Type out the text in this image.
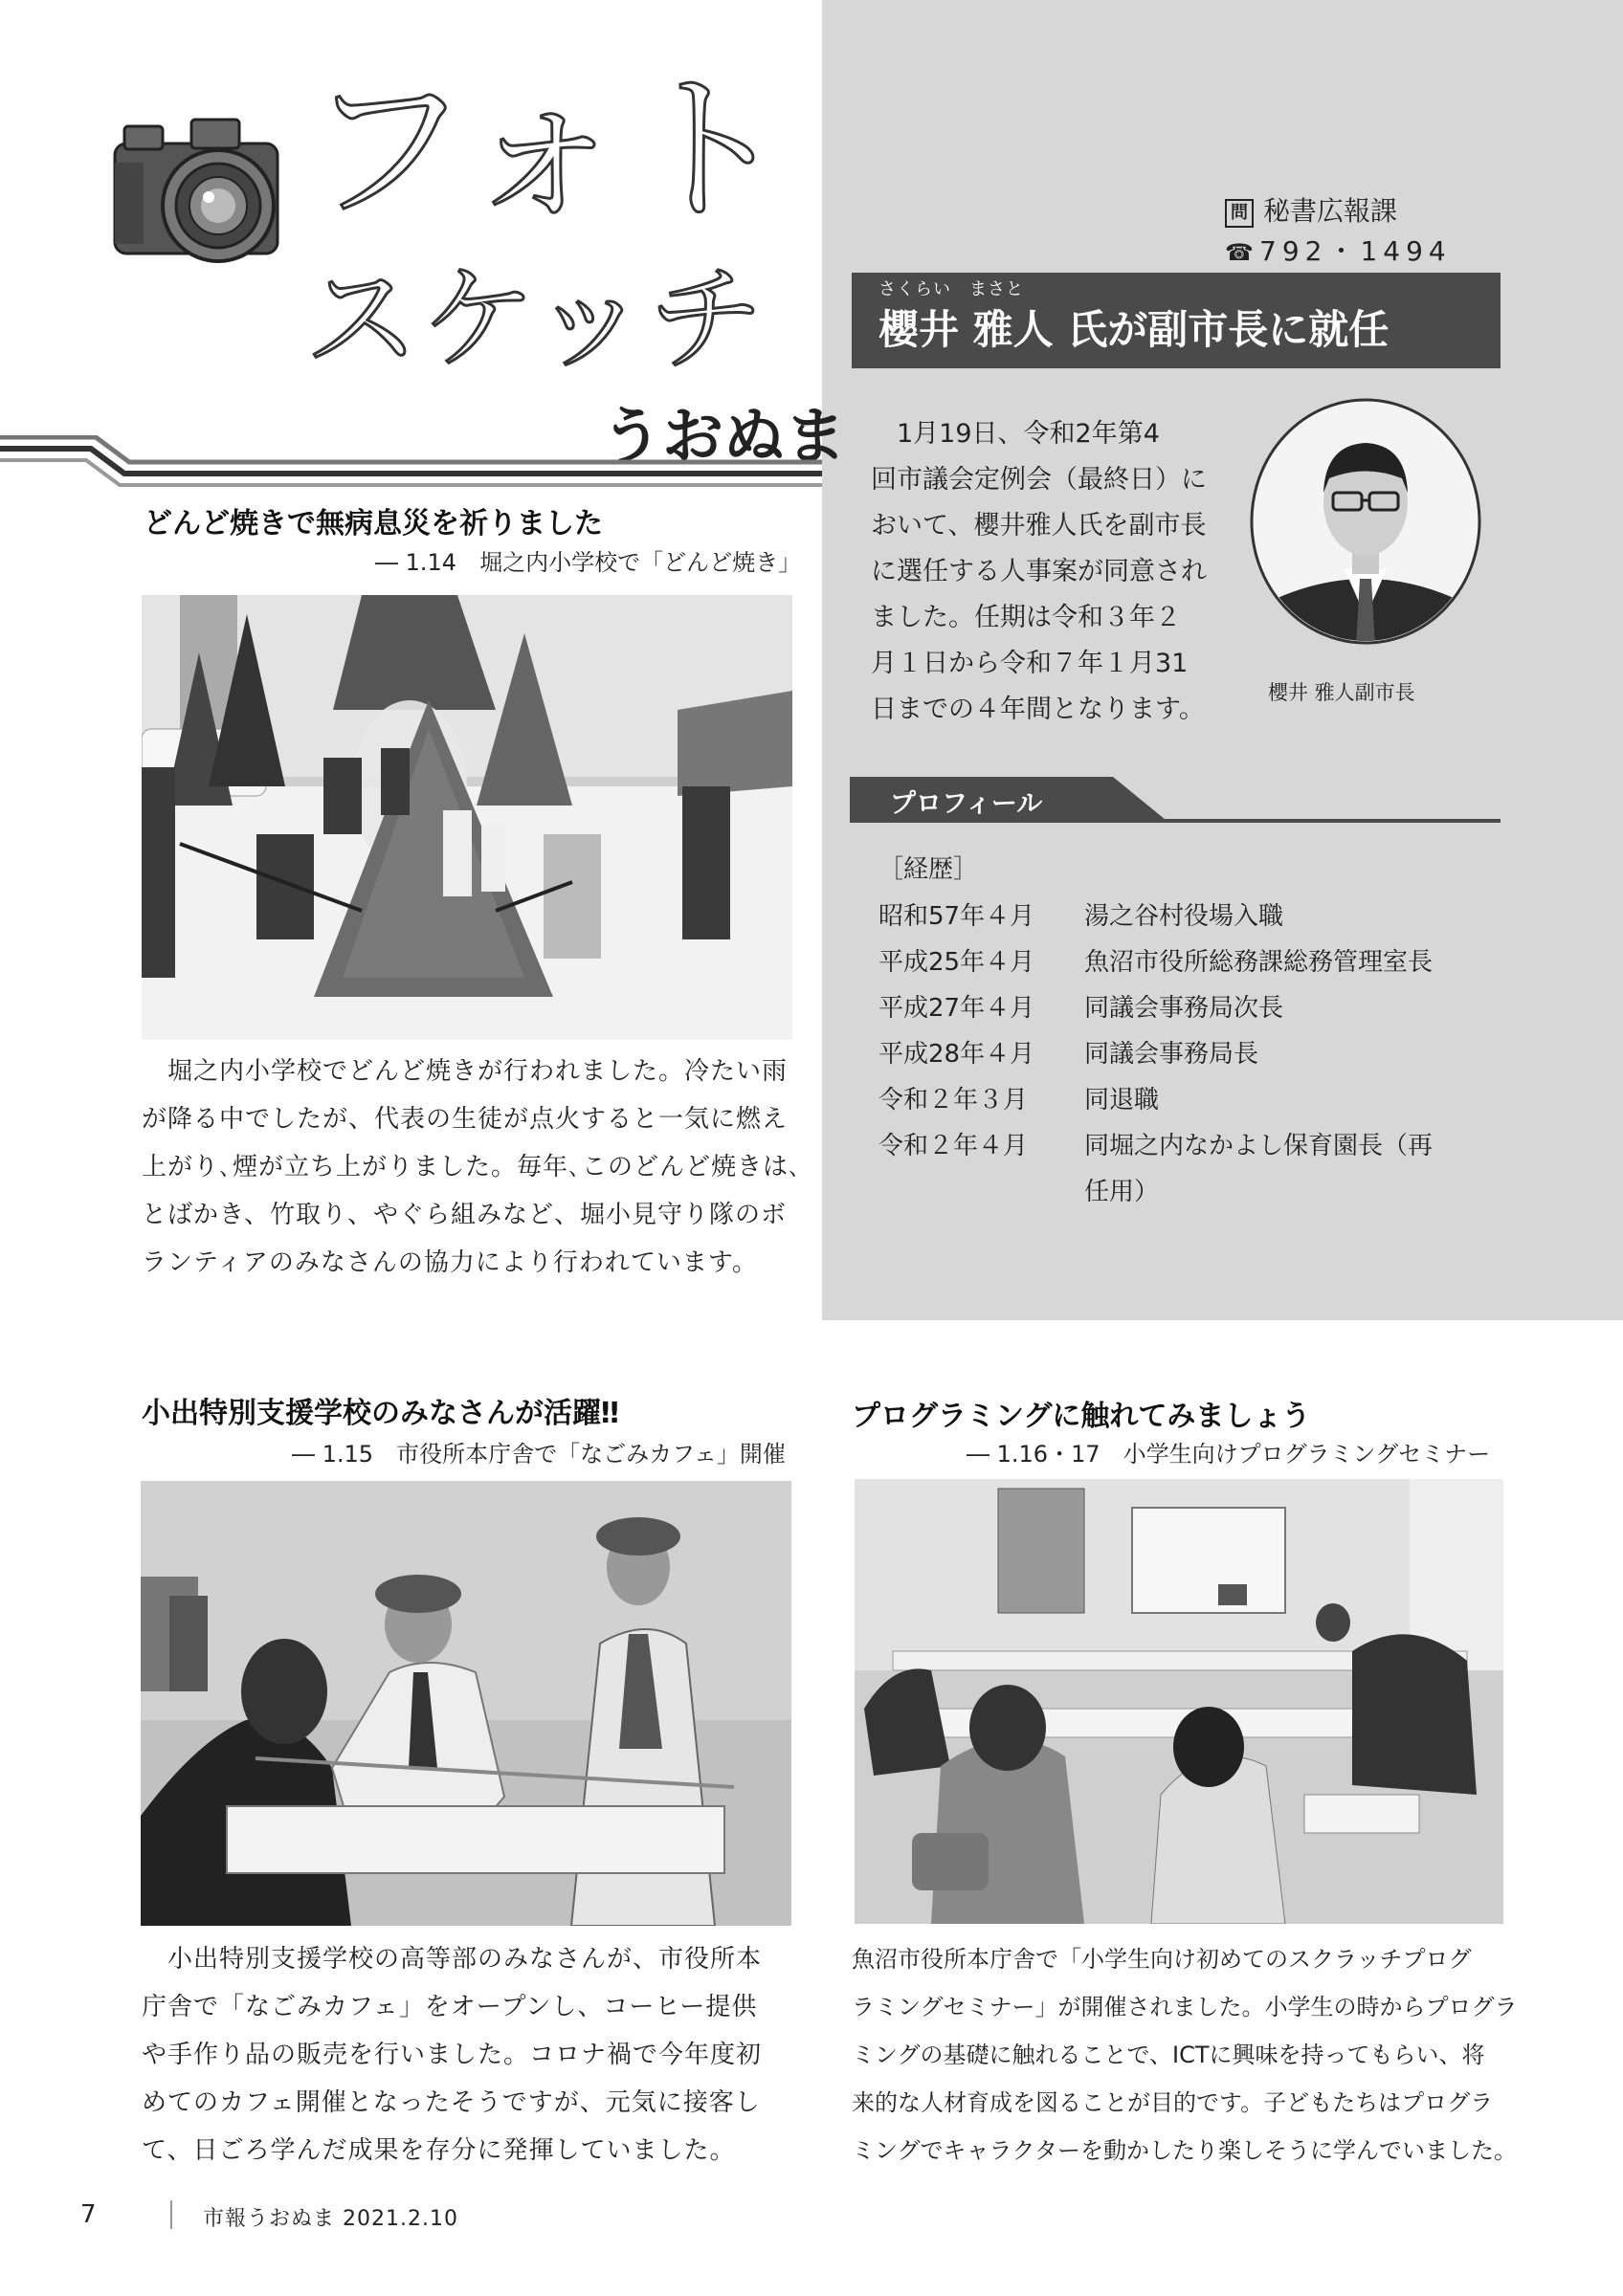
フォト
スケッチ
うおぬま
どんど焼きで無病息災を祈りました
― 1.14　堀之内小学校で「どんど焼き」
　堀之内小学校でどんど焼きが行われました。冷たい雨
が降る中でしたが、代表の生徒が点火すると一気に燃え
上がり､煙が立ち上がりました。毎年､このどんど焼きは､
とばかき、竹取り、やぐら組みなど、堀小見守り隊のボ
ランティアのみなさんの協力により行われています。
問 秘書広報課
☎ 792・1494
さくらい　まさと
櫻井 雅人 氏が副市長に就任
　1月19日、令和2年第4
回市議会定例会（最終日）に
おいて、櫻井雅人氏を副市長
に選任する人事案が同意され
ました。任期は令和３年２
月１日から令和７年１月31
日までの４年間となります。
櫻井 雅人副市長
プロフィール
［経歴］
昭和57年４月 湯之谷村役場入職
平成25年４月 魚沼市役所総務課総務管理室長
平成27年４月 同議会事務局次長
平成28年４月 同議会事務局長
令和２年３月 同退職
令和２年４月 同堀之内なかよし保育園長（再
任用）
小出特別支援学校のみなさんが活躍‼
― 1.15　市役所本庁舎で「なごみカフェ」開催
　小出特別支援学校の高等部のみなさんが、市役所本
庁舎で「なごみカフェ」をオープンし、コーヒー提供
や手作り品の販売を行いました。コロナ禍で今年度初
めてのカフェ開催となったそうですが、元気に接客し
て、日ごろ学んだ成果を存分に発揮していました。
プログラミングに触れてみましょう
― 1.16・17　小学生向けプログラミングセミナー
魚沼市役所本庁舎で「小学生向け初めてのスクラッチプログ
ラミングセミナー」が開催されました。小学生の時からプログラ
ミングの基礎に触れることで、ICTに興味を持ってもらい、将
来的な人材育成を図ることが目的です。子どもたちはプログラ
ミングでキャラクターを動かしたり楽しそうに学んでいました。
7	市報うおぬま 2021.2.10
